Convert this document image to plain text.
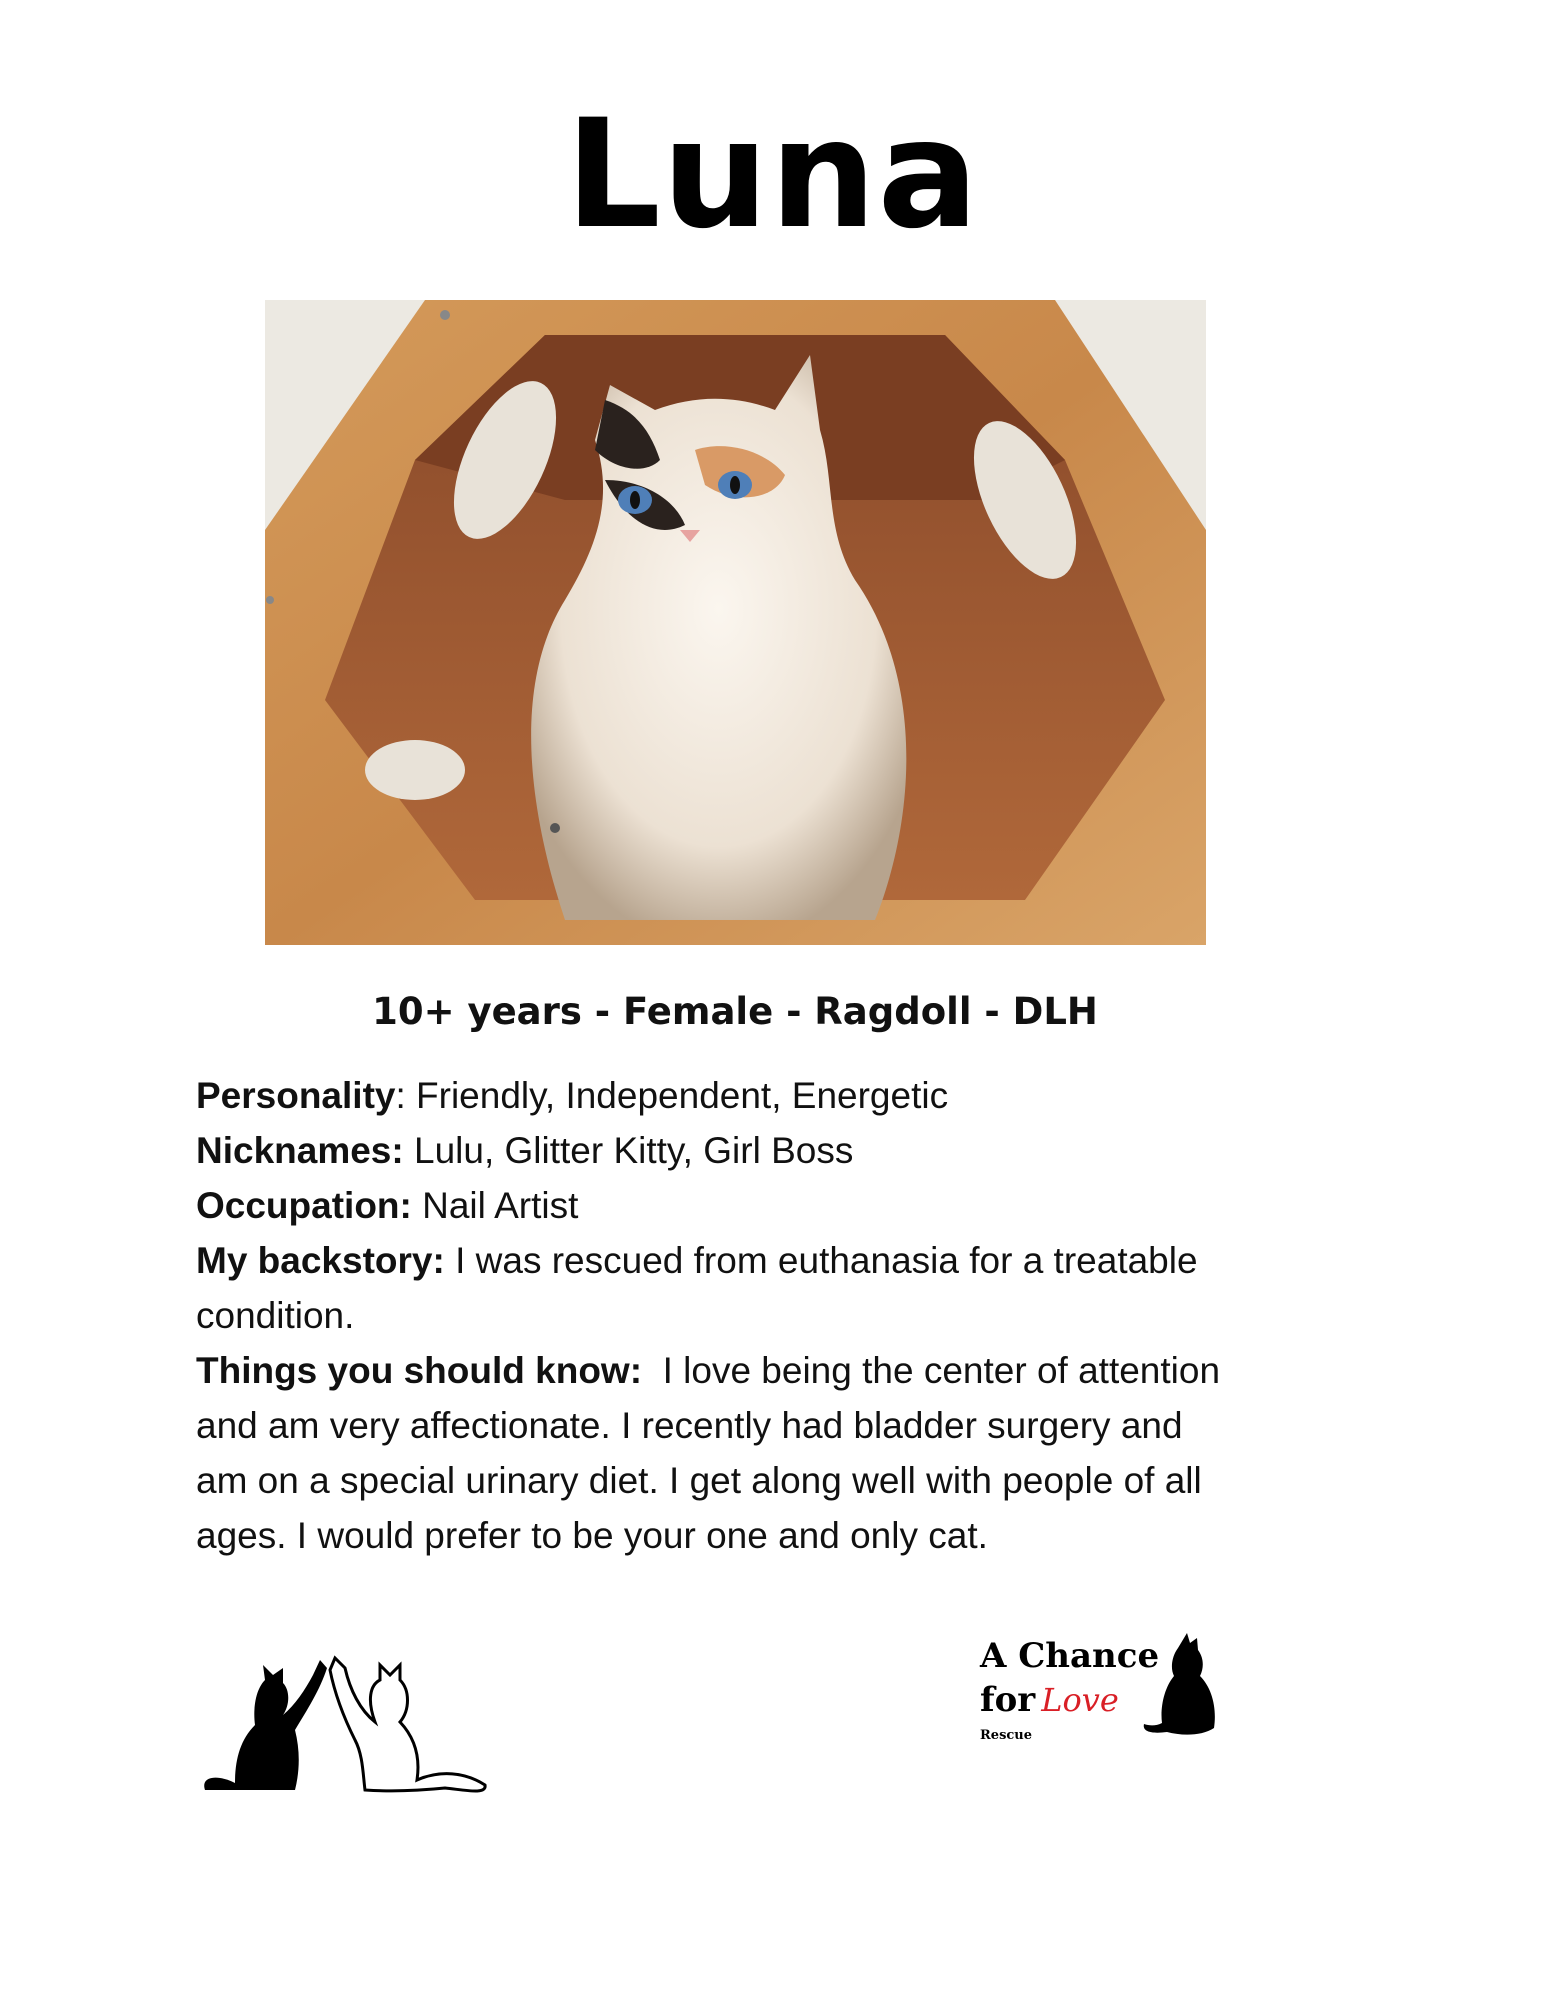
Luna
10+ years - Female - Ragdoll - DLH

Personality: Friendly, Independent, Energetic

Nicknames: Lulu, Glitter Kitty, Girl Boss

Occupation: Nail Artist

My backstory: I was rescued from euthanasia for a treatable condition.

Things you should know:  I love being the center of attention and am very affectionate. I recently had bladder surgery and am on a special urinary diet. I get along well with people of all ages. I would prefer to be your one and only cat.

A Chance
for Love
Rescue
